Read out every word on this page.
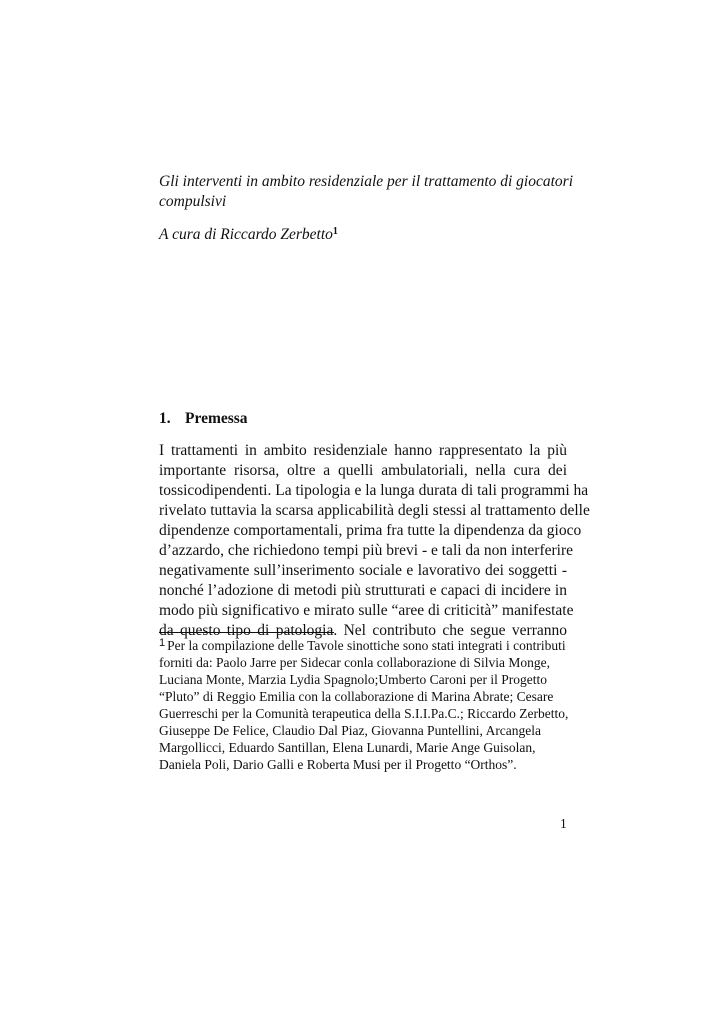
Gli interventi in ambito residenziale per il trattamento di giocatori compulsivi
A cura di Riccardo Zerbetto$^1$
1. Premessa
I trattamenti in ambito residenziale hanno rappresentato la più
importante risorsa, oltre a quelli ambulatoriali, nella cura dei
tossicodipendenti. La tipologia e la lunga durata di tali programmi ha
rivelato tuttavia la scarsa applicabilità degli stessi al trattamento delle
dipendenze comportamentali, prima fra tutte la dipendenza da gioco
d’azzardo, che richiedono tempi più brevi - e tali da non interferire
negativamente sull’inserimento sociale e lavorativo dei soggetti -
nonché l’adozione di metodi più strutturati e capaci di incidere in
modo più significativo e mirato sulle “aree di criticità” manifestate
da questo tipo di patologia. Nel contributo che segue verranno
$^1$ Per la compilazione delle Tavole sinottiche sono stati integrati i contributi forniti da: Paolo Jarre per Sidecar conla collaborazione di Silvia Monge, Luciana Monte, Marzia Lydia Spagnolo;Umberto Caroni per il Progetto “Pluto” di Reggio Emilia con la collaborazione di Marina Abrate; Cesare Guerreschi per la Comunità terapeutica della S.I.I.Pa.C.; Riccardo Zerbetto, Giuseppe De Felice, Claudio Dal Piaz, Giovanna Puntellini, Arcangela Margollicci, Eduardo Santillan, Elena Lunardi, Marie Ange Guisolan, Daniela Poli, Dario Galli e Roberta Musi per il Progetto “Orthos”.
1
